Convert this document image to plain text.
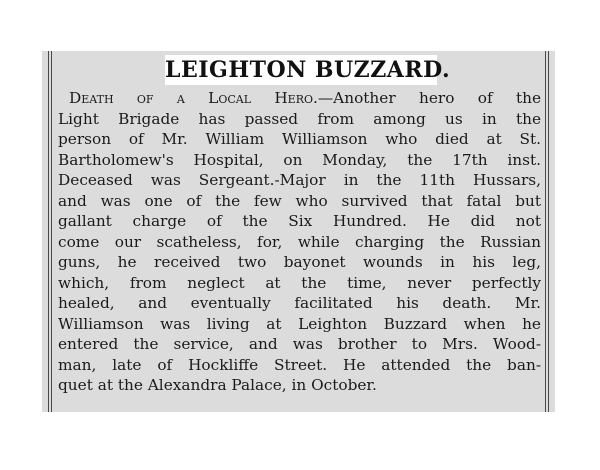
LEIGHTON BUZZARD.
Death of a Local Hero.—Another hero of the
Light Brigade has passed from among us in the
person of Mr. William Williamson who died at St.
Bartholomew's Hospital, on Monday, the 17th inst.
Deceased was Sergeant.-Major in the 11th Hussars,
and was one of the few who survived that fatal but
gallant charge of the Six Hundred. He did not
come our scatheless, for, while charging the Russian
guns, he received two bayonet wounds in his leg,
which, from neglect at the time, never perfectly
healed, and eventually facilitated his death. Mr.
Williamson was living at Leighton Buzzard when he
entered the service, and was brother to Mrs. Wood-
man, late of Hockliffe Street. He attended the ban-
quet at the Alexandra Palace, in October.
